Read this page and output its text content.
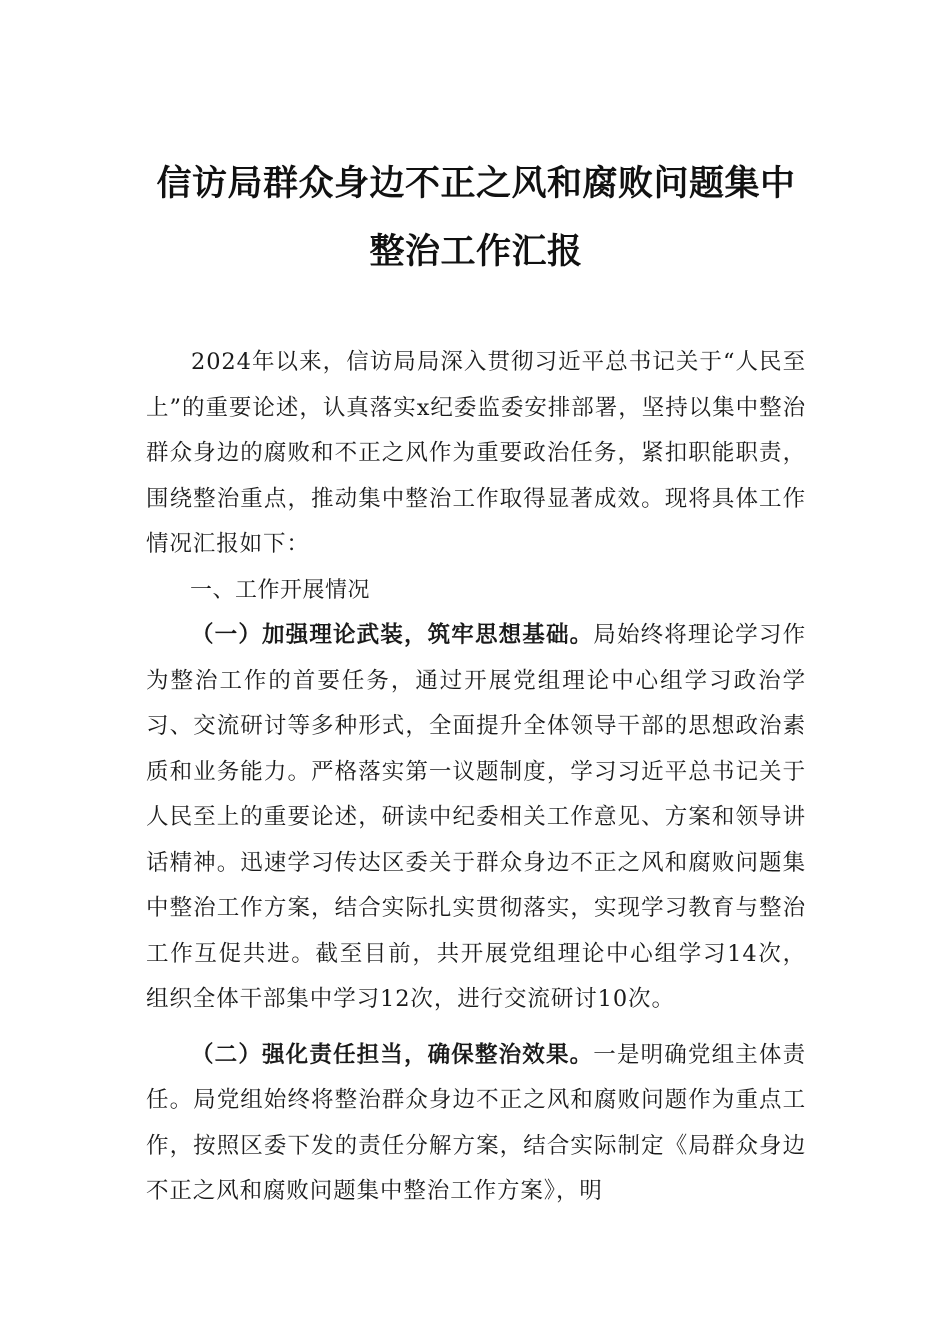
信访局群众身边不正之风和腐败问题集中
整治工作汇报

2024年以来，信访局局深入贯彻习近平总书记关于“人民至上”的重要论述，认真落实x纪委监委安排部署，坚持以集中整治群众身边的腐败和不正之风作为重要政治任务，紧扣职能职责，围绕整治重点，推动集中整治工作取得显著成效。现将具体工作情况汇报如下：

一、工作开展情况

（一）加强理论武装，筑牢思想基础。局始终将理论学习作为整治工作的首要任务，通过开展党组理论中心组学习政治学习、交流研讨等多种形式，全面提升全体领导干部的思想政治素质和业务能力。严格落实第一议题制度，学习习近平总书记关于人民至上的重要论述，研读中纪委相关工作意见、方案和领导讲话精神。迅速学习传达区委关于群众身边不正之风和腐败问题集中整治工作方案，结合实际扎实贯彻落实，实现学习教育与整治工作互促共进。截至目前，共开展党组理论中心组学习14次，组织全体干部集中学习12次，进行交流研讨10次。

（二）强化责任担当，确保整治效果。一是明确党组主体责任。局党组始终将整治群众身边不正之风和腐败问题作为重点工作，按照区委下发的责任分解方案，结合实际制定《局群众身边不正之风和腐败问题集中整治工作方案》，明
